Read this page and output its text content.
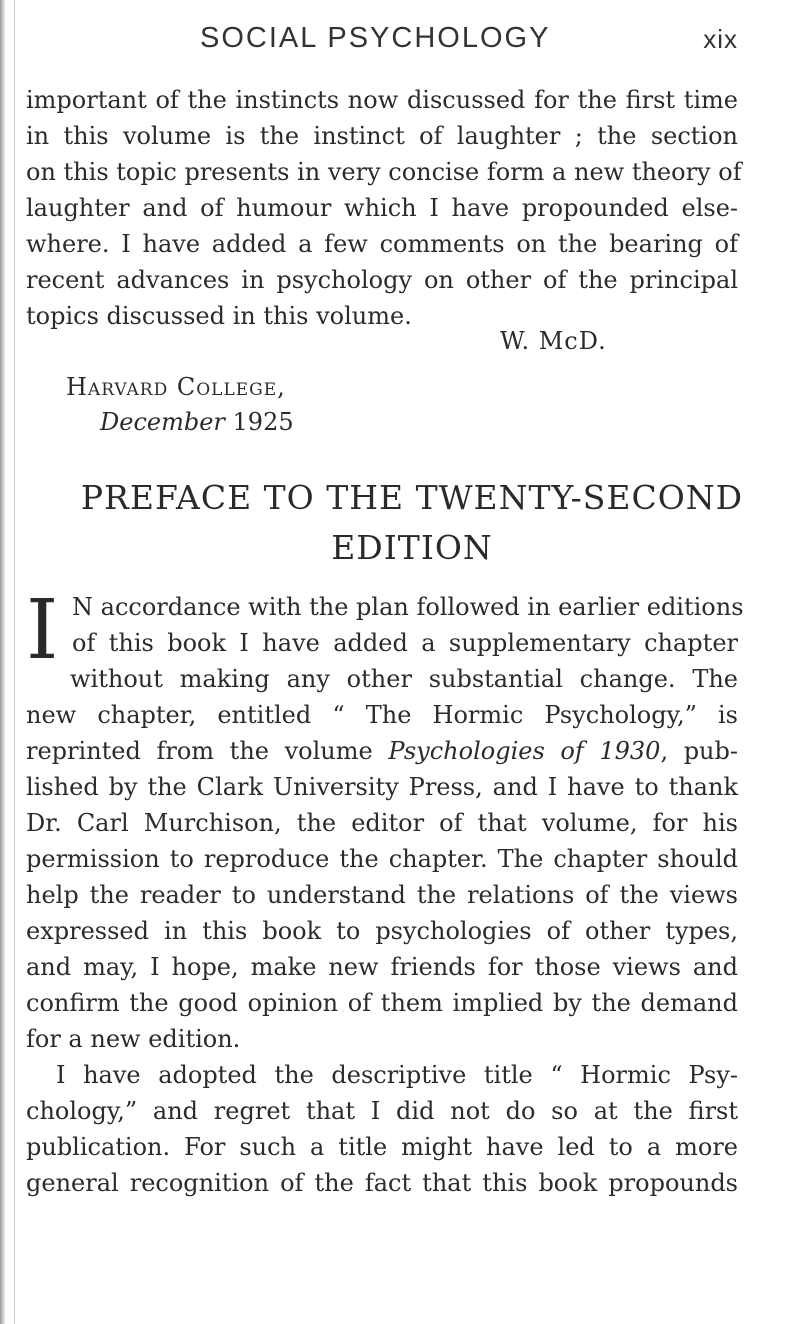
SOCIAL PSYCHOLOGY	xix
important of the instincts now discussed for the first time
in this volume is the instinct of laughter ; the section
on this topic presents in very concise form a new theory of
laughter and of humour which I have propounded else-
where. I have added a few comments on the bearing of
recent advances in psychology on other of the principal
topics discussed in this volume.
W. McD.
Harvard College,
December 1925
PREFACE TO THE TWENTY-SECOND
EDITION
I N accordance with the plan followed in earlier editions
of this book I have added a supplementary chapter
without making any other substantial change. The
new chapter, entitled “ The Hormic Psychology,” is
reprinted from the volume Psychologies of 1930, pub-
lished by the Clark University Press, and I have to thank
Dr. Carl Murchison, the editor of that volume, for his
permission to reproduce the chapter. The chapter should
help the reader to understand the relations of the views
expressed in this book to psychologies of other types,
and may, I hope, make new friends for those views and
confirm the good opinion of them implied by the demand
for a new edition.
I have adopted the descriptive title “ Hormic Psy-
chology,” and regret that I did not do so at the first
publication. For such a title might have led to a more
general recognition of the fact that this book propounds
